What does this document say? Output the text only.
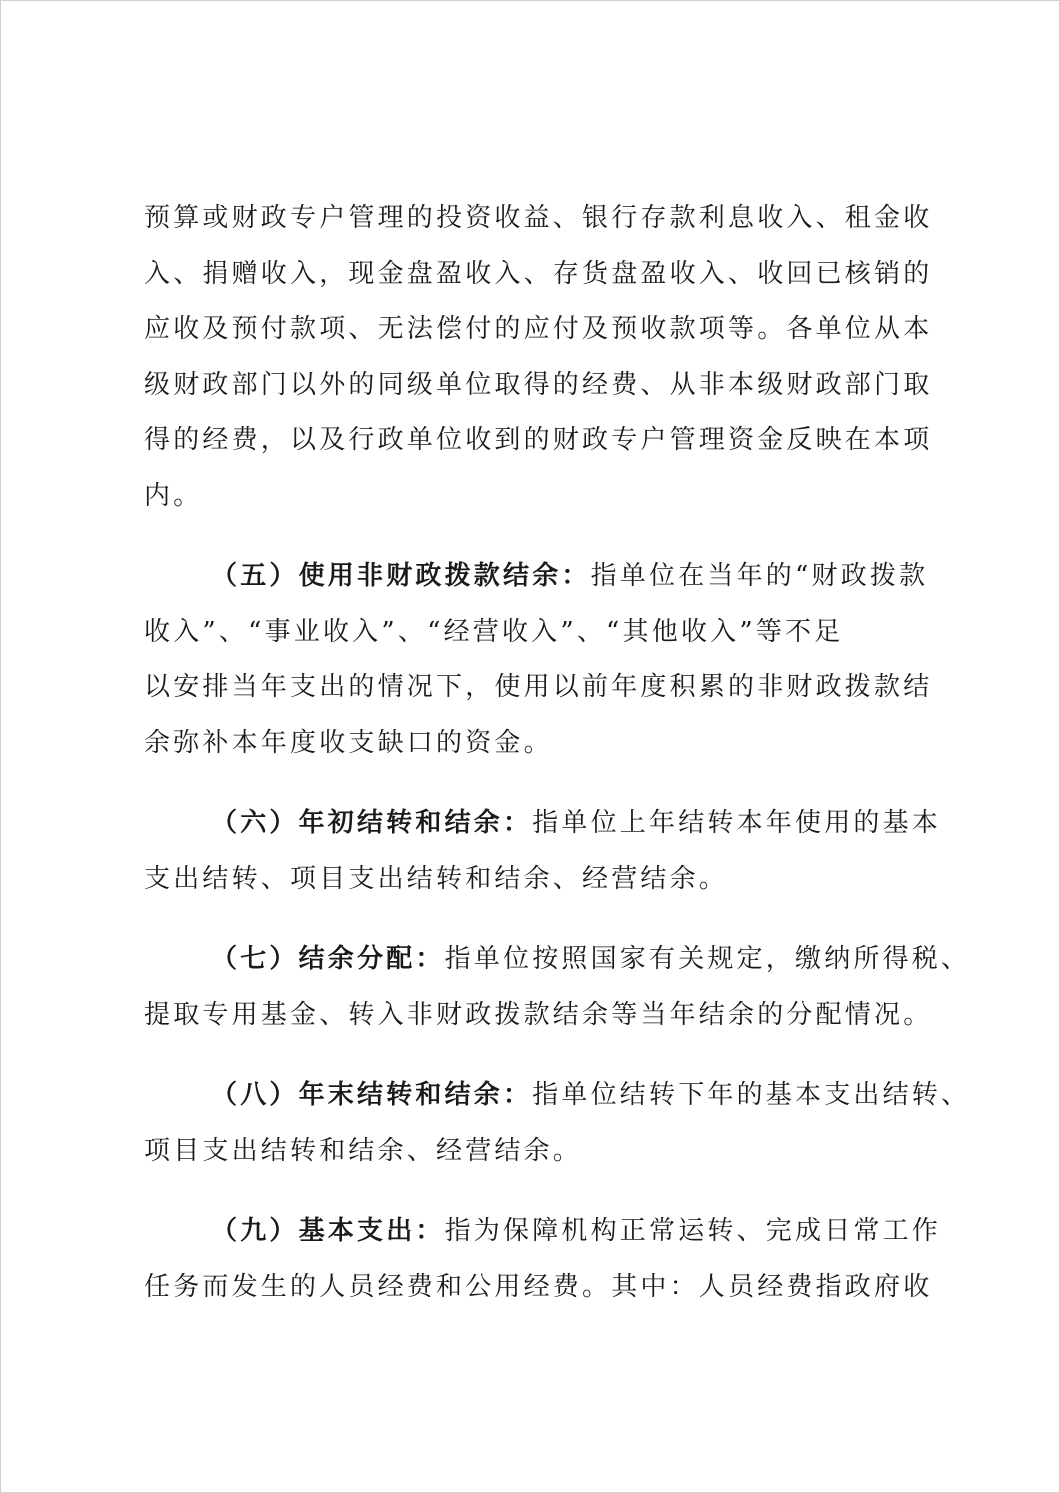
预算或财政专户管理的投资收益、银行存款利息收入、租金收
入、捐赠收入，现金盘盈收入、存货盘盈收入、收回已核销的
应收及预付款项、无法偿付的应付及预收款项等。各单位从本
级财政部门以外的同级单位取得的经费、从非本级财政部门取
得的经费，以及行政单位收到的财政专户管理资金反映在本项
内。
（五）使用非财政拨款结余：指单位在当年的“财政拨款
收入”、“事业收入”、“经营收入”、“其他收入”等不足
以安排当年支出的情况下，使用以前年度积累的非财政拨款结
余弥补本年度收支缺口的资金。
（六）年初结转和结余：指单位上年结转本年使用的基本
支出结转、项目支出结转和结余、经营结余。
（七）结余分配：指单位按照国家有关规定，缴纳所得税、
提取专用基金、转入非财政拨款结余等当年结余的分配情况。
（八）年末结转和结余：指单位结转下年的基本支出结转、
项目支出结转和结余、经营结余。
（九）基本支出：指为保障机构正常运转、完成日常工作
任务而发生的人员经费和公用经费。其中：人员经费指政府收
